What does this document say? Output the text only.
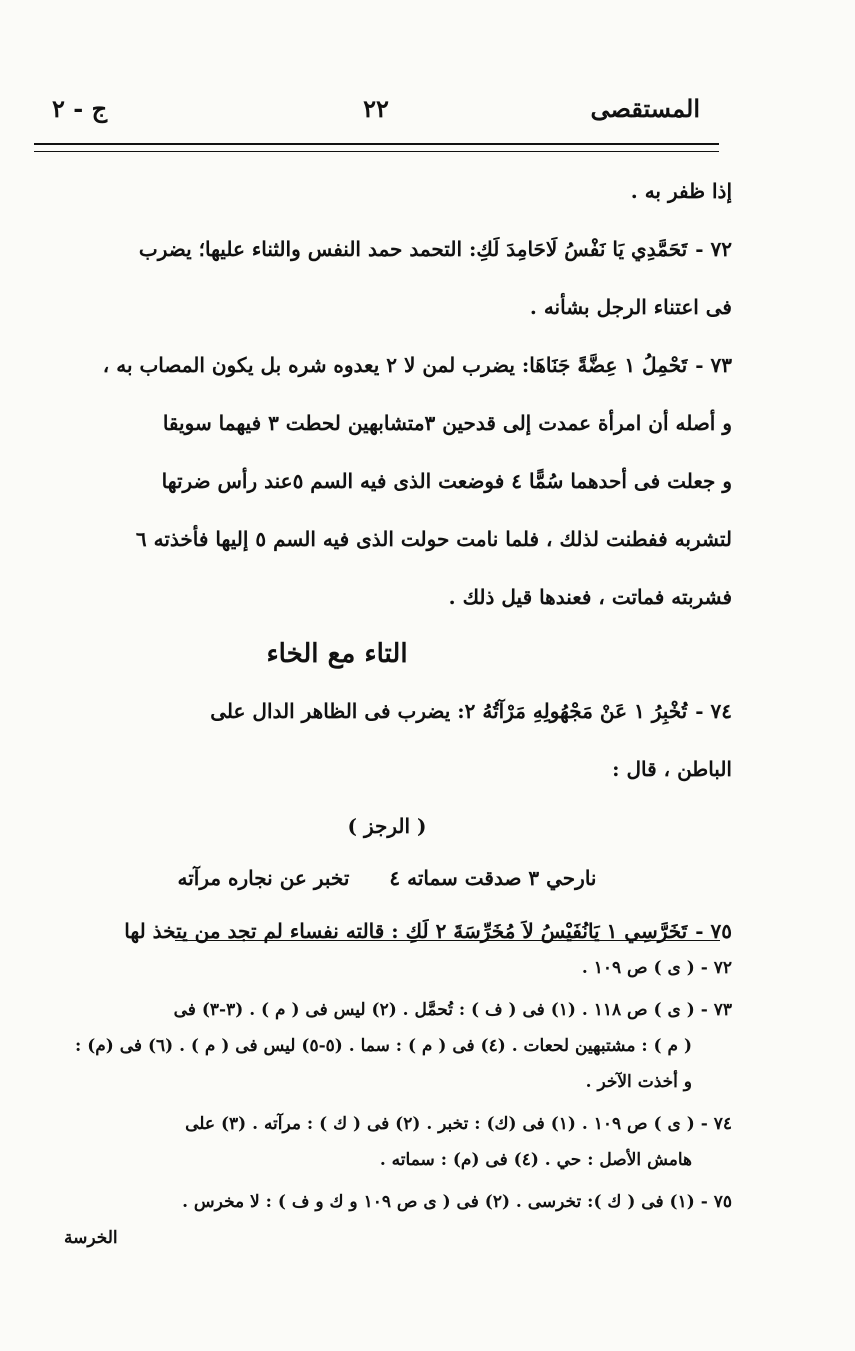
المستقصى
٢٢
ج - ٢
إذا ظفر به .
٧٢ -تَحَمَّدِي يَا نَفْسُ لَاحَامِدَ لَكِ: التحمد حمد النفس والثناء عليها؛ يضرب
فى اعتناء الرجل بشأنه .
٧٣ -تَحْمِلُ ١ عِضَّةً جَنَاهَا: يضرب لمن لا ٢ يعدوه شره بل يكون المصاب به ،
و أصله أن امرأة عمدت إلى قدحين ٣متشابهين لحطت ٣ فيهما سويقا
و جعلت فى أحدهما سُمًّا ٤ فوضعت الذى فيه السم ٥عند رأس ضرتها
لتشربه ففطنت لذلك ، فلما نامت حولت الذى فيه السم ٥ إليها فأخذته ٦
فشربته فماتت ، فعندها قيل ذلك .
التاء مع الخاء
٧٤ -تُخْبِرُ ١ عَنْ مَجْهُولِهِ مَرْآتُهُ ٢: يضرب فى الظاهر الدال على
الباطن ، قال :
( الرجز )
نارحي ٣ صدقت سماته ٤تخبر عن نجاره مرآته
٧٥ -تَخَرَّسِي ١ يَانُفَيْسُ لاَ مُخَرِّسَةَ ٢ لَكِ : قالته نفساء لم تجد من يتخذ لها
٧٢ -( ى ) ص ١٠٩ .
٧٣ -( ى ) ص ١١٨ . (١) فى ( ف ) : تُحمَّل . (٢) ليس فى ( م ) . (٣-٣) فى
( م ) : مشتبهين لحعات . (٤) فى ( م ) : سما . (٥-٥) ليس فى ( م ) . (٦) فى (م) :
و أخذت الآخر .
٧٤ -( ى ) ص ١٠٩ . (١) فى (ك) : تخبر . (٢) فى ( ك ) : مرآته . (٣) على
هامش الأصل : حي . (٤) فى (م) : سماته .
٧٥ -(١) فى ( ك ): تخرسى . (٢) فى ( ى ص ١٠٩ و ك و ف ) : لا مخرس .
الخرسة
